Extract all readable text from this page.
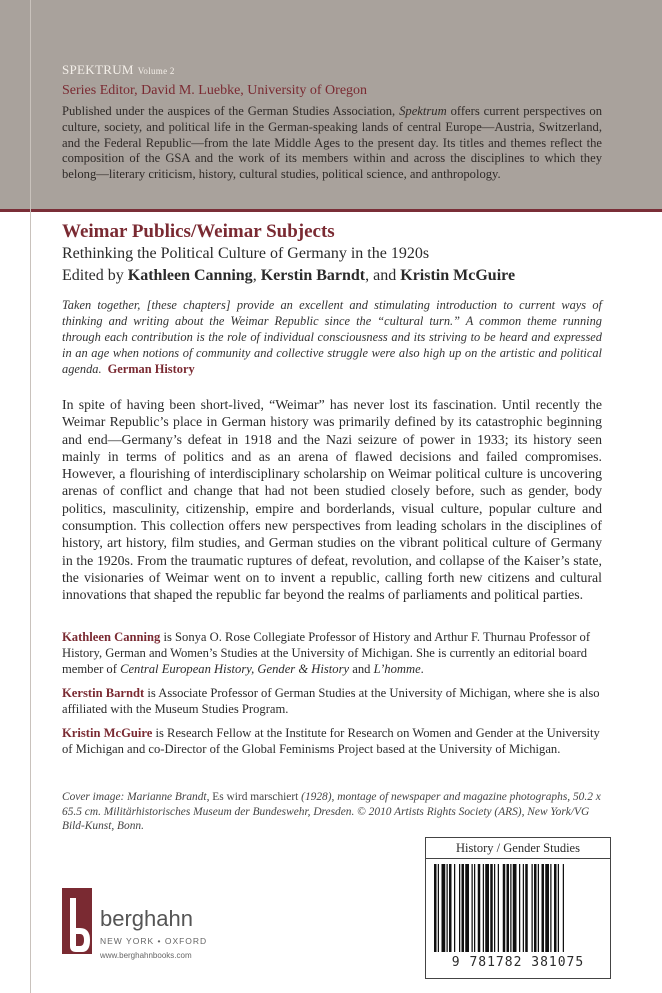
SPEKTRUM Volume 2
Series Editor, David M. Luebke, University of Oregon
Published under the auspices of the German Studies Association, Spektrum offers current perspectives on culture, society, and political life in the German-speaking lands of central Europe—Austria, Switzerland, and the Federal Republic—from the late Middle Ages to the present day. Its titles and themes reflect the composition of the GSA and the work of its members within and across the disciplines to which they belong—literary criticism, history, cultural studies, political science, and anthropology.
Weimar Publics/Weimar Subjects
Rethinking the Political Culture of Germany in the 1920s
Edited by Kathleen Canning, Kerstin Barndt, and Kristin McGuire
Taken together, [these chapters] provide an excellent and stimulating introduction to current ways of thinking and writing about the Weimar Republic since the “cultural turn.” A common theme running through each contribution is the role of individual consciousness and its striving to be heard and expressed in an age when notions of community and collective struggle were also high up on the artistic and political agenda. German History
In spite of having been short-lived, “Weimar” has never lost its fascination. Until recently the Weimar Republic’s place in German history was primarily defined by its catastrophic beginning and end—Germany’s defeat in 1918 and the Nazi seizure of power in 1933; its history seen mainly in terms of politics and as an arena of flawed decisions and failed compromises. However, a flourishing of interdisciplinary scholarship on Weimar political culture is uncovering arenas of conflict and change that had not been studied closely before, such as gender, body politics, masculinity, citizenship, empire and borderlands, visual culture, popular culture and consumption. This collection offers new perspectives from leading scholars in the disciplines of history, art history, film studies, and German studies on the vibrant political culture of Germany in the 1920s. From the traumatic ruptures of defeat, revolution, and collapse of the Kaiser’s state, the visionaries of Weimar went on to invent a republic, calling forth new citizens and cultural innovations that shaped the republic far beyond the realms of parliaments and political parties.
Kathleen Canning is Sonya O. Rose Collegiate Professor of History and Arthur F. Thurnau Professor of History, German and Women’s Studies at the University of Michigan. She is currently an editorial board member of Central European History, Gender & History and L’homme.
Kerstin Barndt is Associate Professor of German Studies at the University of Michigan, where she is also affiliated with the Museum Studies Program.
Kristin McGuire is Research Fellow at the Institute for Research on Women and Gender at the University of Michigan and co-Director of the Global Feminisms Project based at the University of Michigan.
Cover image: Marianne Brandt, Es wird marschiert (1928), montage of newspaper and magazine photographs, 50.2 x 65.5 cm. Militärhistorisches Museum der Bundeswehr, Dresden. © 2010 Artists Rights Society (ARS), New York/VG Bild-Kunst, Bonn.
berghahn
NEW YORK • OXFORD
www.berghahnbooks.com
History / Gender Studies
9 781782 381075
